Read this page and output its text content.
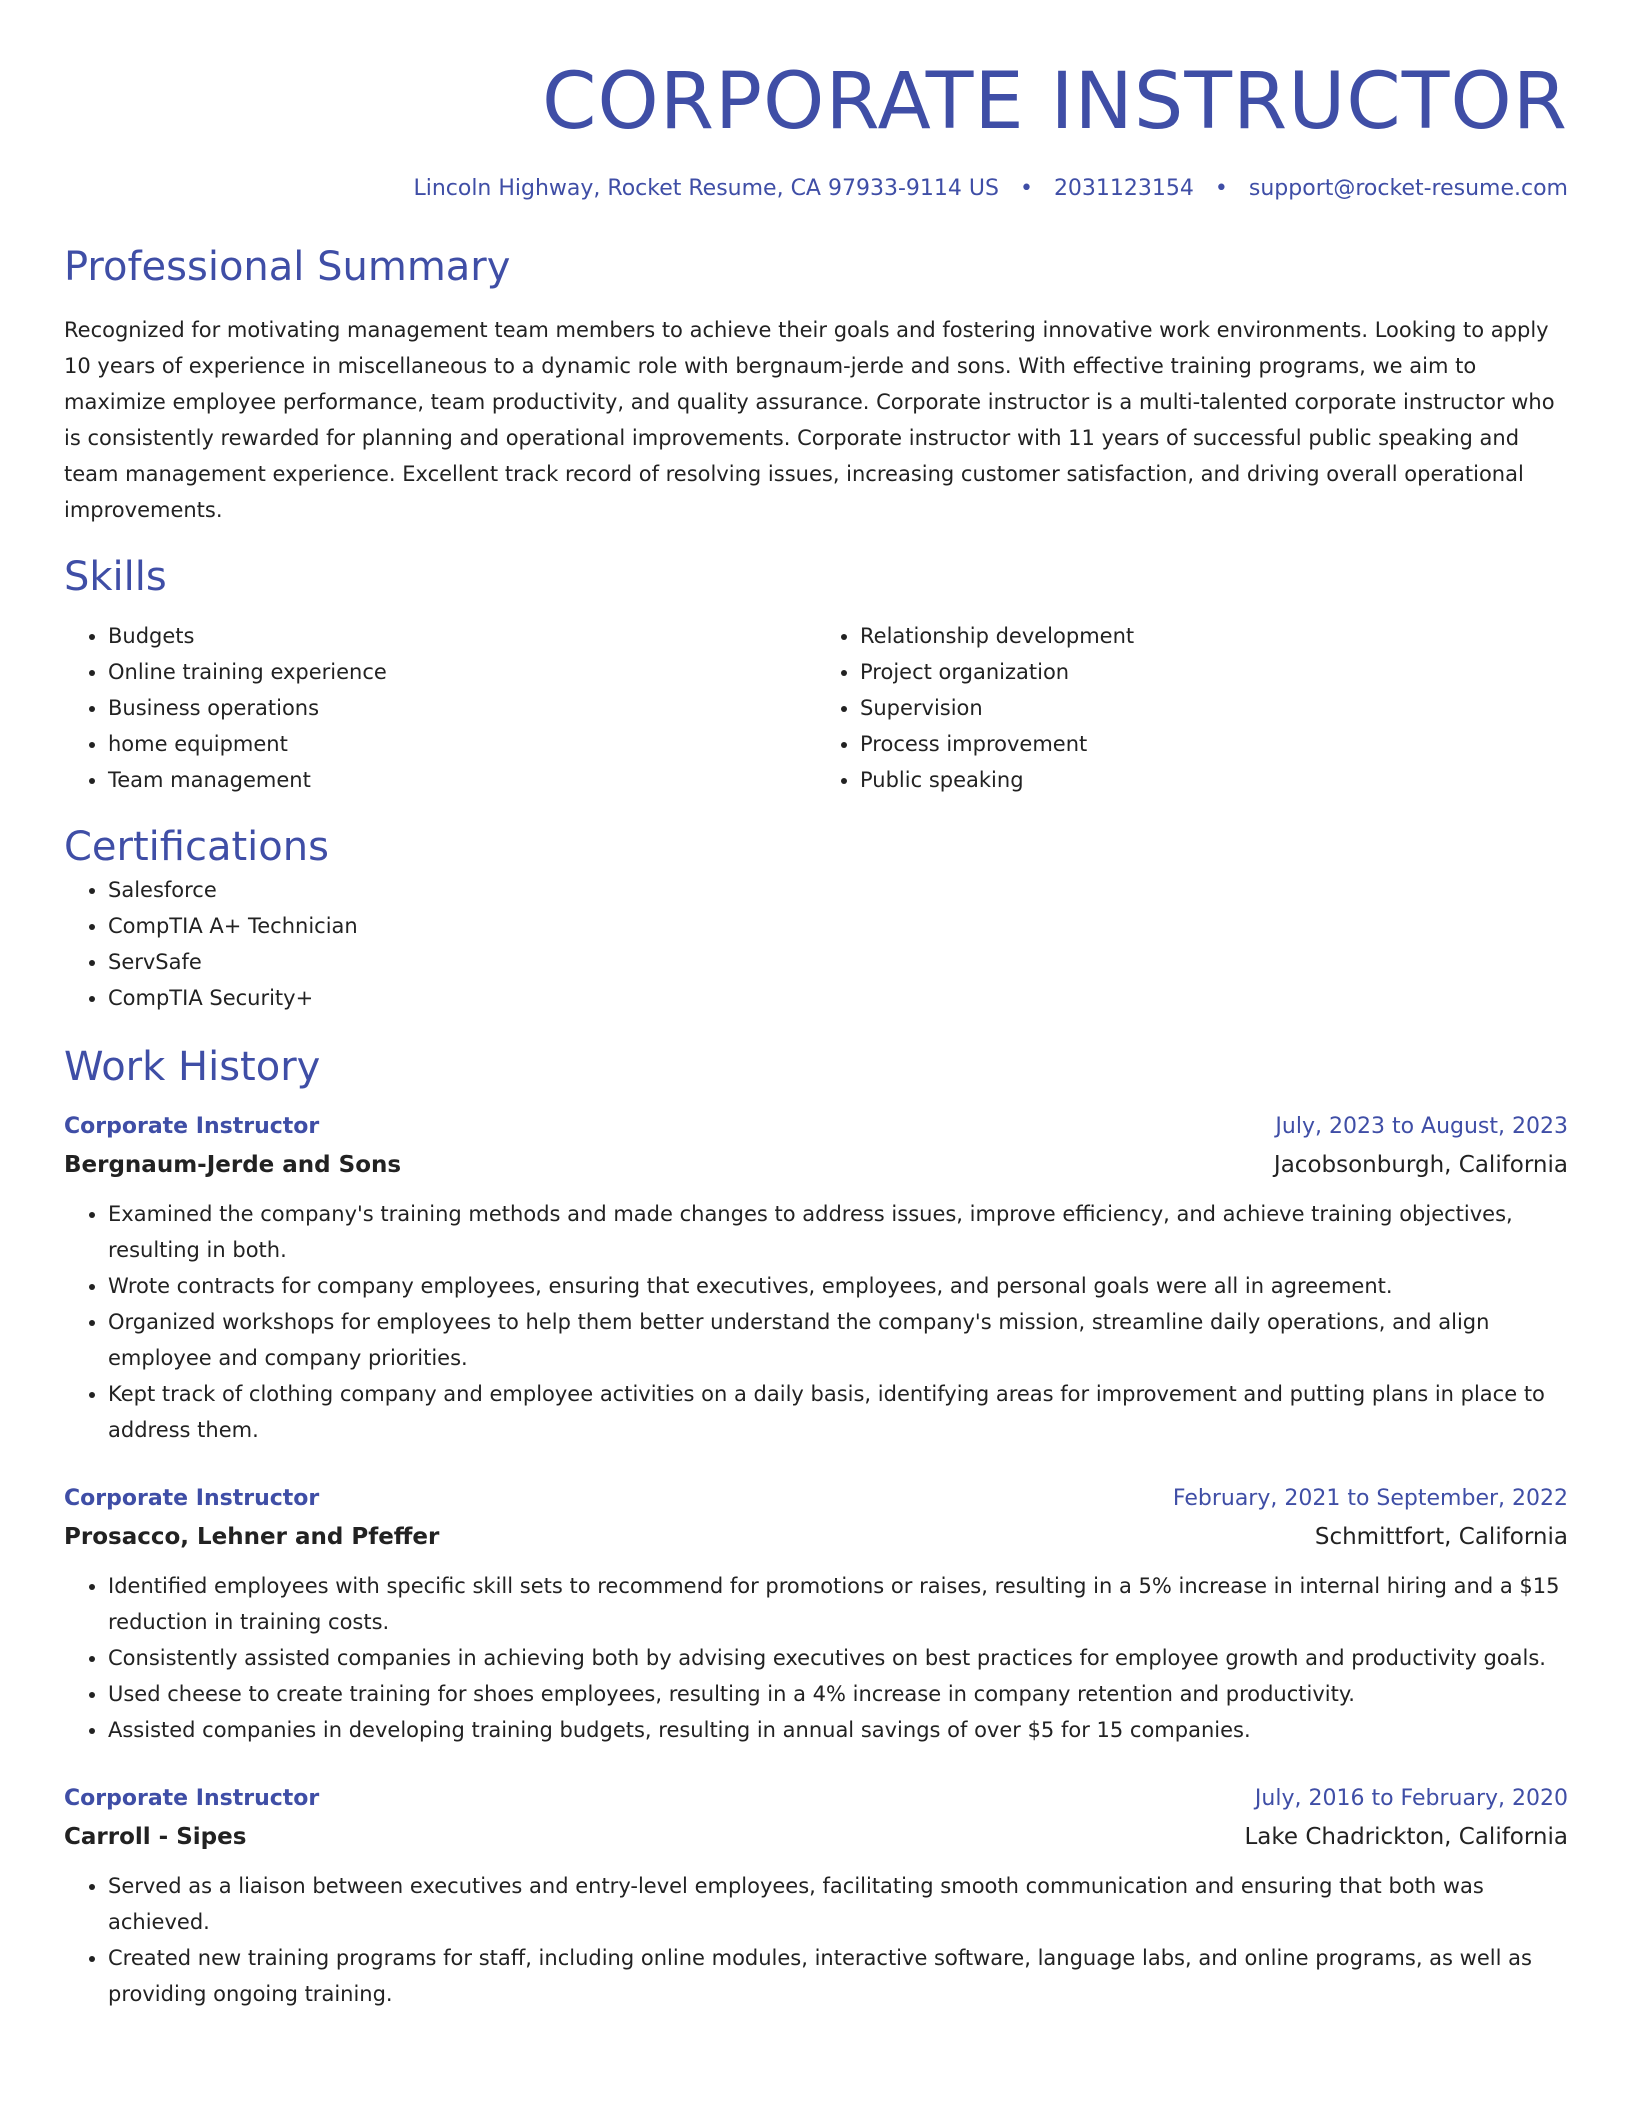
CORPORATE INSTRUCTOR
Lincoln Highway, Rocket Resume, CA 97933-9114 US • 2031123154 • support@rocket-resume.com
Professional Summary
Recognized for motivating management team members to achieve their goals and fostering innovative work environments. Looking to apply 10 years of experience in miscellaneous to a dynamic role with bergnaum-jerde and sons. With effective training programs, we aim to maximize employee performance, team productivity, and quality assurance. Corporate instructor is a multi-talented corporate instructor who is consistently rewarded for planning and operational improvements. Corporate instructor with 11 years of successful public speaking and team management experience. Excellent track record of resolving issues, increasing customer satisfaction, and driving overall operational improvements.
Skills
• Budgets
• Online training experience
• Business operations
• home equipment
• Team management
• Relationship development
• Project organization
• Supervision
• Process improvement
• Public speaking
Certifications
• Salesforce
• CompTIA A+ Technician
• ServSafe
• CompTIA Security+
Work History
Corporate Instructor	July, 2023 to August, 2023
Bergnaum-Jerde and Sons	Jacobsonburgh, California
• Examined the company's training methods and made changes to address issues, improve efficiency, and achieve training objectives, resulting in both.
• Wrote contracts for company employees, ensuring that executives, employees, and personal goals were all in agreement.
• Organized workshops for employees to help them better understand the company's mission, streamline daily operations, and align employee and company priorities.
• Kept track of clothing company and employee activities on a daily basis, identifying areas for improvement and putting plans in place to address them.
Corporate Instructor	February, 2021 to September, 2022
Prosacco, Lehner and Pfeffer	Schmittfort, California
• Identified employees with specific skill sets to recommend for promotions or raises, resulting in a 5% increase in internal hiring and a $15 reduction in training costs.
• Consistently assisted companies in achieving both by advising executives on best practices for employee growth and productivity goals.
• Used cheese to create training for shoes employees, resulting in a 4% increase in company retention and productivity.
• Assisted companies in developing training budgets, resulting in annual savings of over $5 for 15 companies.
Corporate Instructor	July, 2016 to February, 2020
Carroll - Sipes	Lake Chadrickton, California
• Served as a liaison between executives and entry-level employees, facilitating smooth communication and ensuring that both was achieved.
• Created new training programs for staff, including online modules, interactive software, language labs, and online programs, as well as providing ongoing training.
